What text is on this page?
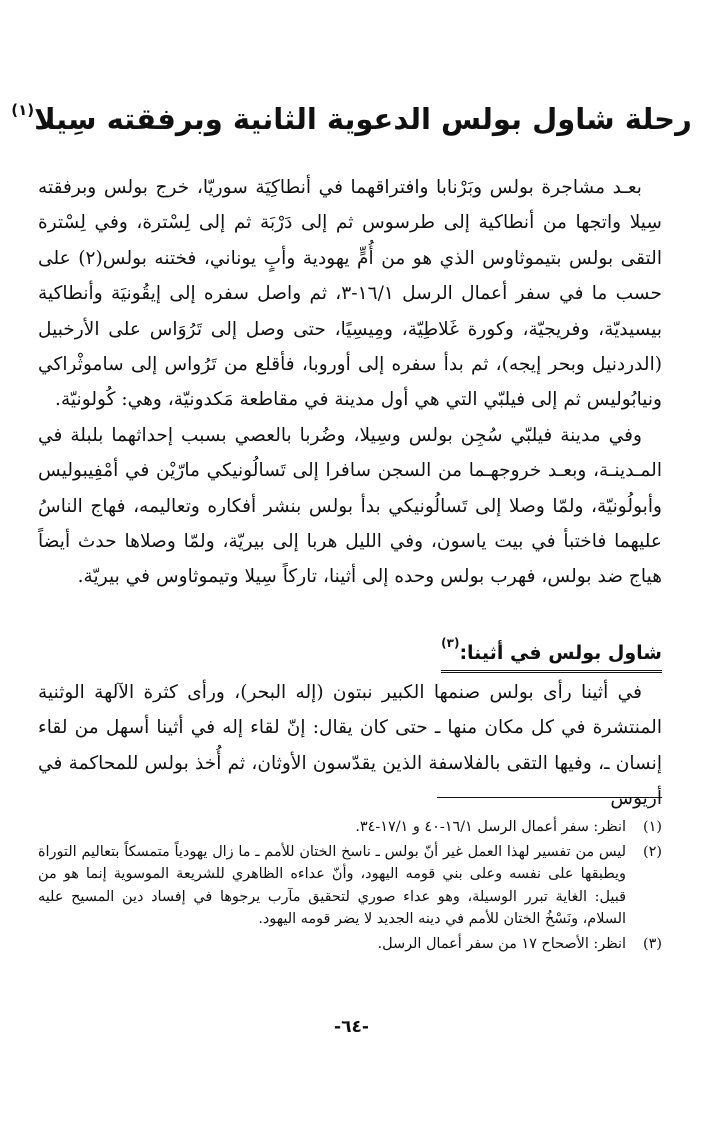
رحلة شاول بولس الدعوية الثانية وبرفقته سِيلا$^{(١)}$

بعـد مشاجرة بولس وبَرْنابا وافتراقهما في أنطاكِيَة سوريّا، خرج بولس وبرفقته سِيلا واتجها من أنطاكية إلى طرسوس ثم إلى دَرْبَة ثم إلى لِسْترة، وفي لِسْترة التقى بولس بتيموثاوس الذي هو من أُمٍّ يهودية وأبٍ يوناني، فختنه بولس(٢) على حسب ما في سفر أعمال الرسل ١٦/١-٣، ثم واصل سفره إلى إيقُونيَة وأنطاكية بيسيديّة، وفريجيّة، وكورة غَلاطِيّة، ومِيسِيًا، حتى وصل إلى تَرُوَاس على الأرخبيل (الدردنيل وبحر إيجه)، ثم بدأ سفره إلى أوروبا، فأقلع من تَرُواس إلى ساموثْراكي ونيابُوليس ثم إلى فيلبّي التي هي أول مدينة في مقاطعة مَكدونيّة، وهي: كُولونيّة.

وفي مدينة فيلبّي سُجِن بولس وسِيلا، وضُربا بالعصي بسبب إحداثهما بلبلة في المـدينـة، وبعـد خروجهـما من السجن سافرا إلى تَسالُونيكي مارّيْن في أمْفِيبوليس وأبولُونيّة، ولمّا وصلا إلى تَسالُونيكي بدأ بولس بنشر أفكاره وتعاليمه، فهاج الناسُ عليهما فاختبأ في بيت ياسون، وفي الليل هربا إلى بيريّة، ولمّا وصلاها حدث أيضاً هياج ضد بولس، فهرب بولس وحده إلى أثينا، تاركاً سِيلا وتيموثاوس في بيريّة.

شاول بولس في أثينا:$^{(٣)}$

في أثينا رأى بولس صنمها الكبير نبتون (إله البحر)، ورأى كثرة الآلهة الوثنية المنتشرة في كل مكان منها ـ حتى كان يقال: إنّ لقاء إله في أثينا أسهل من لقاء إنسان ـ، وفيها التقى بالفلاسفة الذين يقدّسون الأوثان، ثم أُخذ بولس للمحاكمة في أريوس

(١)
انظر: سفر أعمال الرسل ١٦/١-٤٠ و ١٧/١-٣٤.
(٢)
ليس من تفسير لهذا العمل غير أنّ بولس ـ ناسخ الختان للأمم ـ ما زال يهودياً متمسكاً بتعاليم التوراة ويطبقها على نفسه وعلى بني قومه اليهود، وأنّ عداءه الظاهري للشريعة الموسوية إنما هو من قبيل: الغاية تبرر الوسيلة، وهو عداء صوري لتحقيق مآرب يرجوها في إفساد دين المسيح عليه السلام، ونَسْخُ الختان للأمم في دينه الجديد لا يضر قومه اليهود.
(٣)
انظر: الأصحاح ١٧ من سفر أعمال الرسل.
-٦٤-
